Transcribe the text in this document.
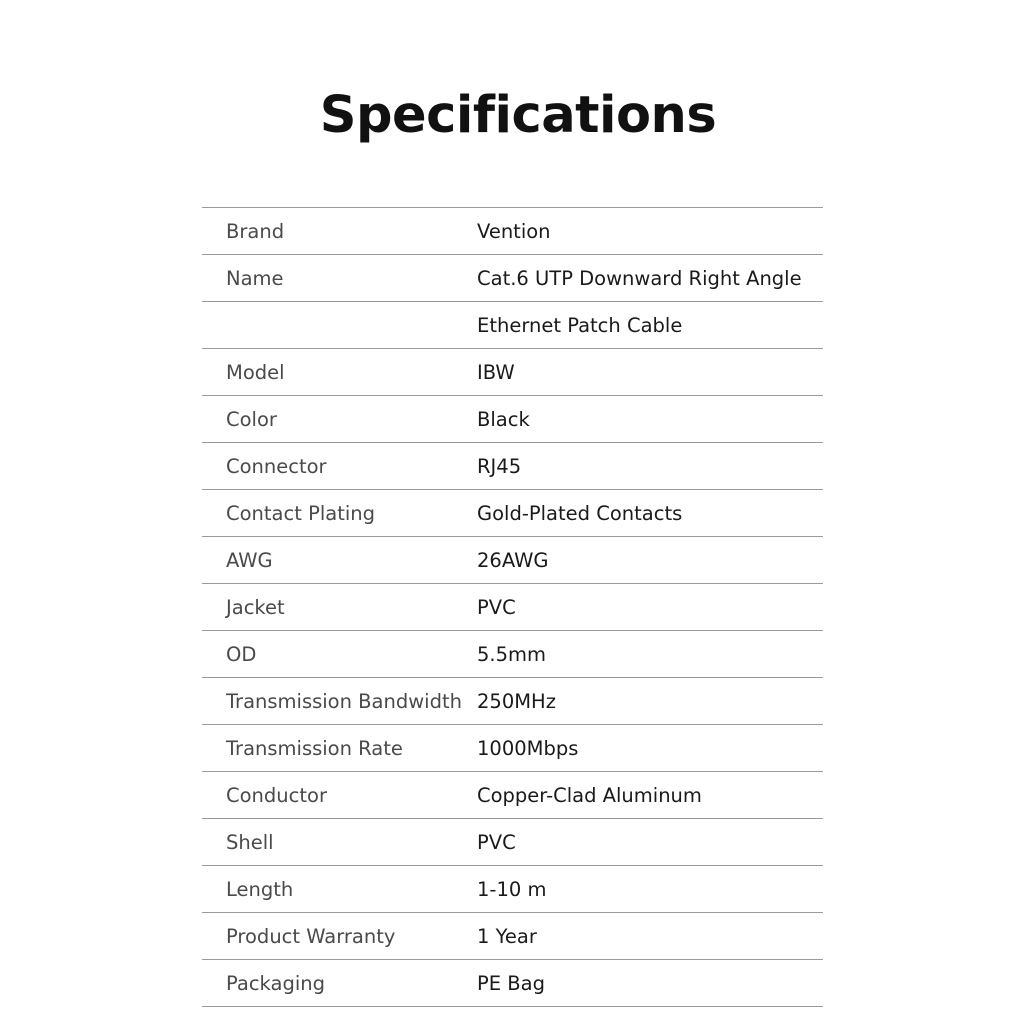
Specifications
Brand	Vention
Name	Cat.6 UTP Downward Right Angle
Ethernet Patch Cable
Model	IBW
Color	Black
Connector	RJ45
Contact Plating	Gold-Plated Contacts
AWG	26AWG
Jacket	PVC
OD	5.5mm
Transmission Bandwidth 250MHz
Transmission Rate	1000Mbps
Conductor	Copper-Clad Aluminum
Shell	PVC
Length	1-10 m
Product Warranty	1 Year
Packaging	PE Bag
